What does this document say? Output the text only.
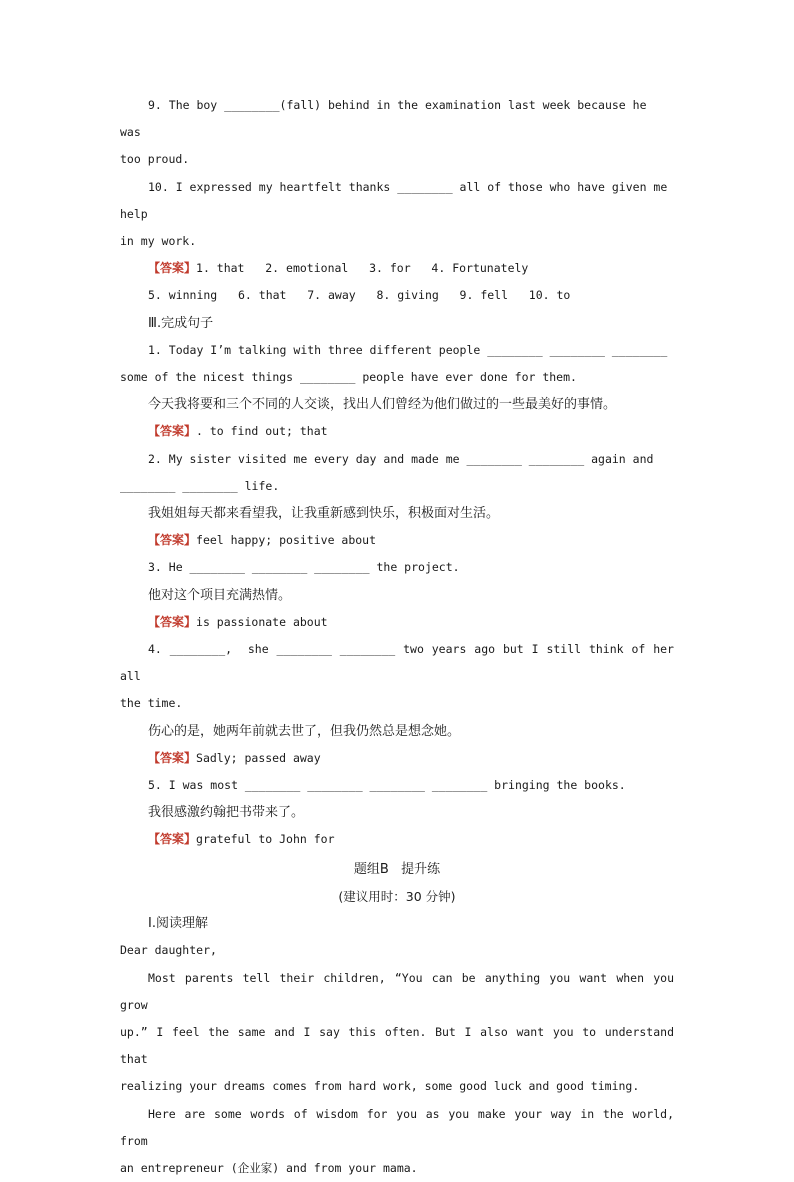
9. The boy ________(fall) behind in the examination last week because he was

too proud.

10. I expressed my heartfelt thanks ________ all of those who have given me help

in my work.

【答案】1. that   2. emotional   3. for   4. Fortunately

5. winning   6. that   7. away   8. giving   9. fell   10. to

Ⅲ.完成句子

1. Today I’m talking with three different people ________ ________ ________

some of the nicest things ________ people have ever done for them.

今天我将要和三个不同的人交谈，找出人们曾经为他们做过的一些最美好的事情。

【答案】. to find out; that

2. My sister visited me every day and made me ________ ________ again and

________ ________ life.

我姐姐每天都来看望我，让我重新感到快乐，积极面对生活。

【答案】feel happy; positive about

3. He ________ ________ ________ the project.

他对这个项目充满热情。

【答案】is passionate about

4. ________,  she ________ ________ two years ago but I still think of her all

the time.

伤心的是，她两年前就去世了，但我仍然总是想念她。

【答案】Sadly; passed away

5. I was most ________ ________ ________ ________ bringing the books.

我很感激约翰把书带来了。

【答案】grateful to John for

题组B   提升练

(建议用时：30 分钟)

Ⅰ.阅读理解

Dear daughter,

Most parents tell their children, “You can be anything you want when you grow

up.” I feel the same and I say this often. But I also want you to understand that

realizing your dreams comes from hard work, some good luck and good timing.

Here are some words of wisdom for you as you make your way in the world, from

an entrepreneur (企业家) and from your mama.
